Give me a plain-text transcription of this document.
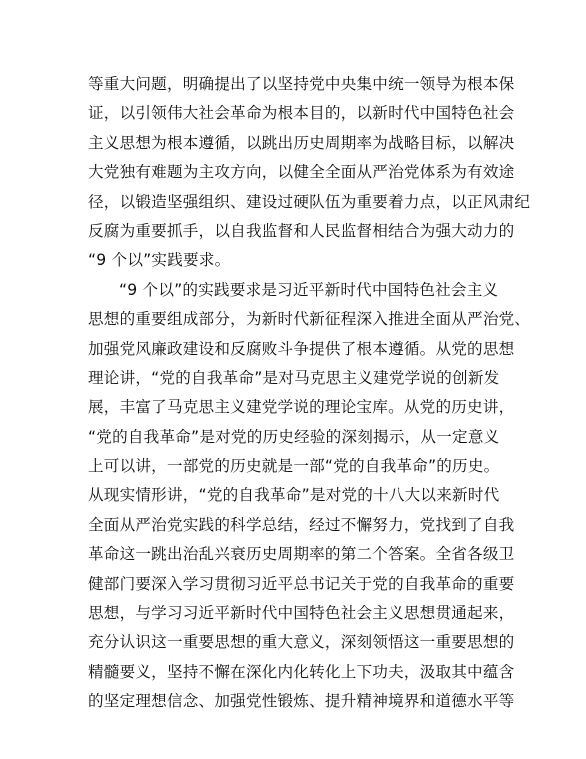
等重大问题，明确提出了以坚持党中央集中统一领导为根本保
证，以引领伟大社会革命为根本目的，以新时代中国特色社会
主义思想为根本遵循，以跳出历史周期率为战略目标，以解决
大党独有难题为主攻方向，以健全全面从严治党体系为有效途
径，以锻造坚强组织、建设过硬队伍为重要着力点，以正风肃纪
反腐为重要抓手，以自我监督和人民监督相结合为强大动力的
“9 个以”实践要求。
“9 个以”的实践要求是习近平新时代中国特色社会主义
思想的重要组成部分，为新时代新征程深入推进全面从严治党、
加强党风廉政建设和反腐败斗争提供了根本遵循。从党的思想
理论讲，“党的自我革命”是对马克思主义建党学说的创新发
展，丰富了马克思主义建党学说的理论宝库。从党的历史讲，
“党的自我革命”是对党的历史经验的深刻揭示，从一定意义
上可以讲，一部党的历史就是一部“党的自我革命”的历史。
从现实情形讲，“党的自我革命”是对党的十八大以来新时代
全面从严治党实践的科学总结，经过不懈努力，党找到了自我
革命这一跳出治乱兴衰历史周期率的第二个答案。全省各级卫
健部门要深入学习贯彻习近平总书记关于党的自我革命的重要
思想，与学习习近平新时代中国特色社会主义思想贯通起来，
充分认识这一重要思想的重大意义，深刻领悟这一重要思想的
精髓要义，坚持不懈在深化内化转化上下功夫，汲取其中蕴含
的坚定理想信念、加强党性锻炼、提升精神境界和道德水平等
